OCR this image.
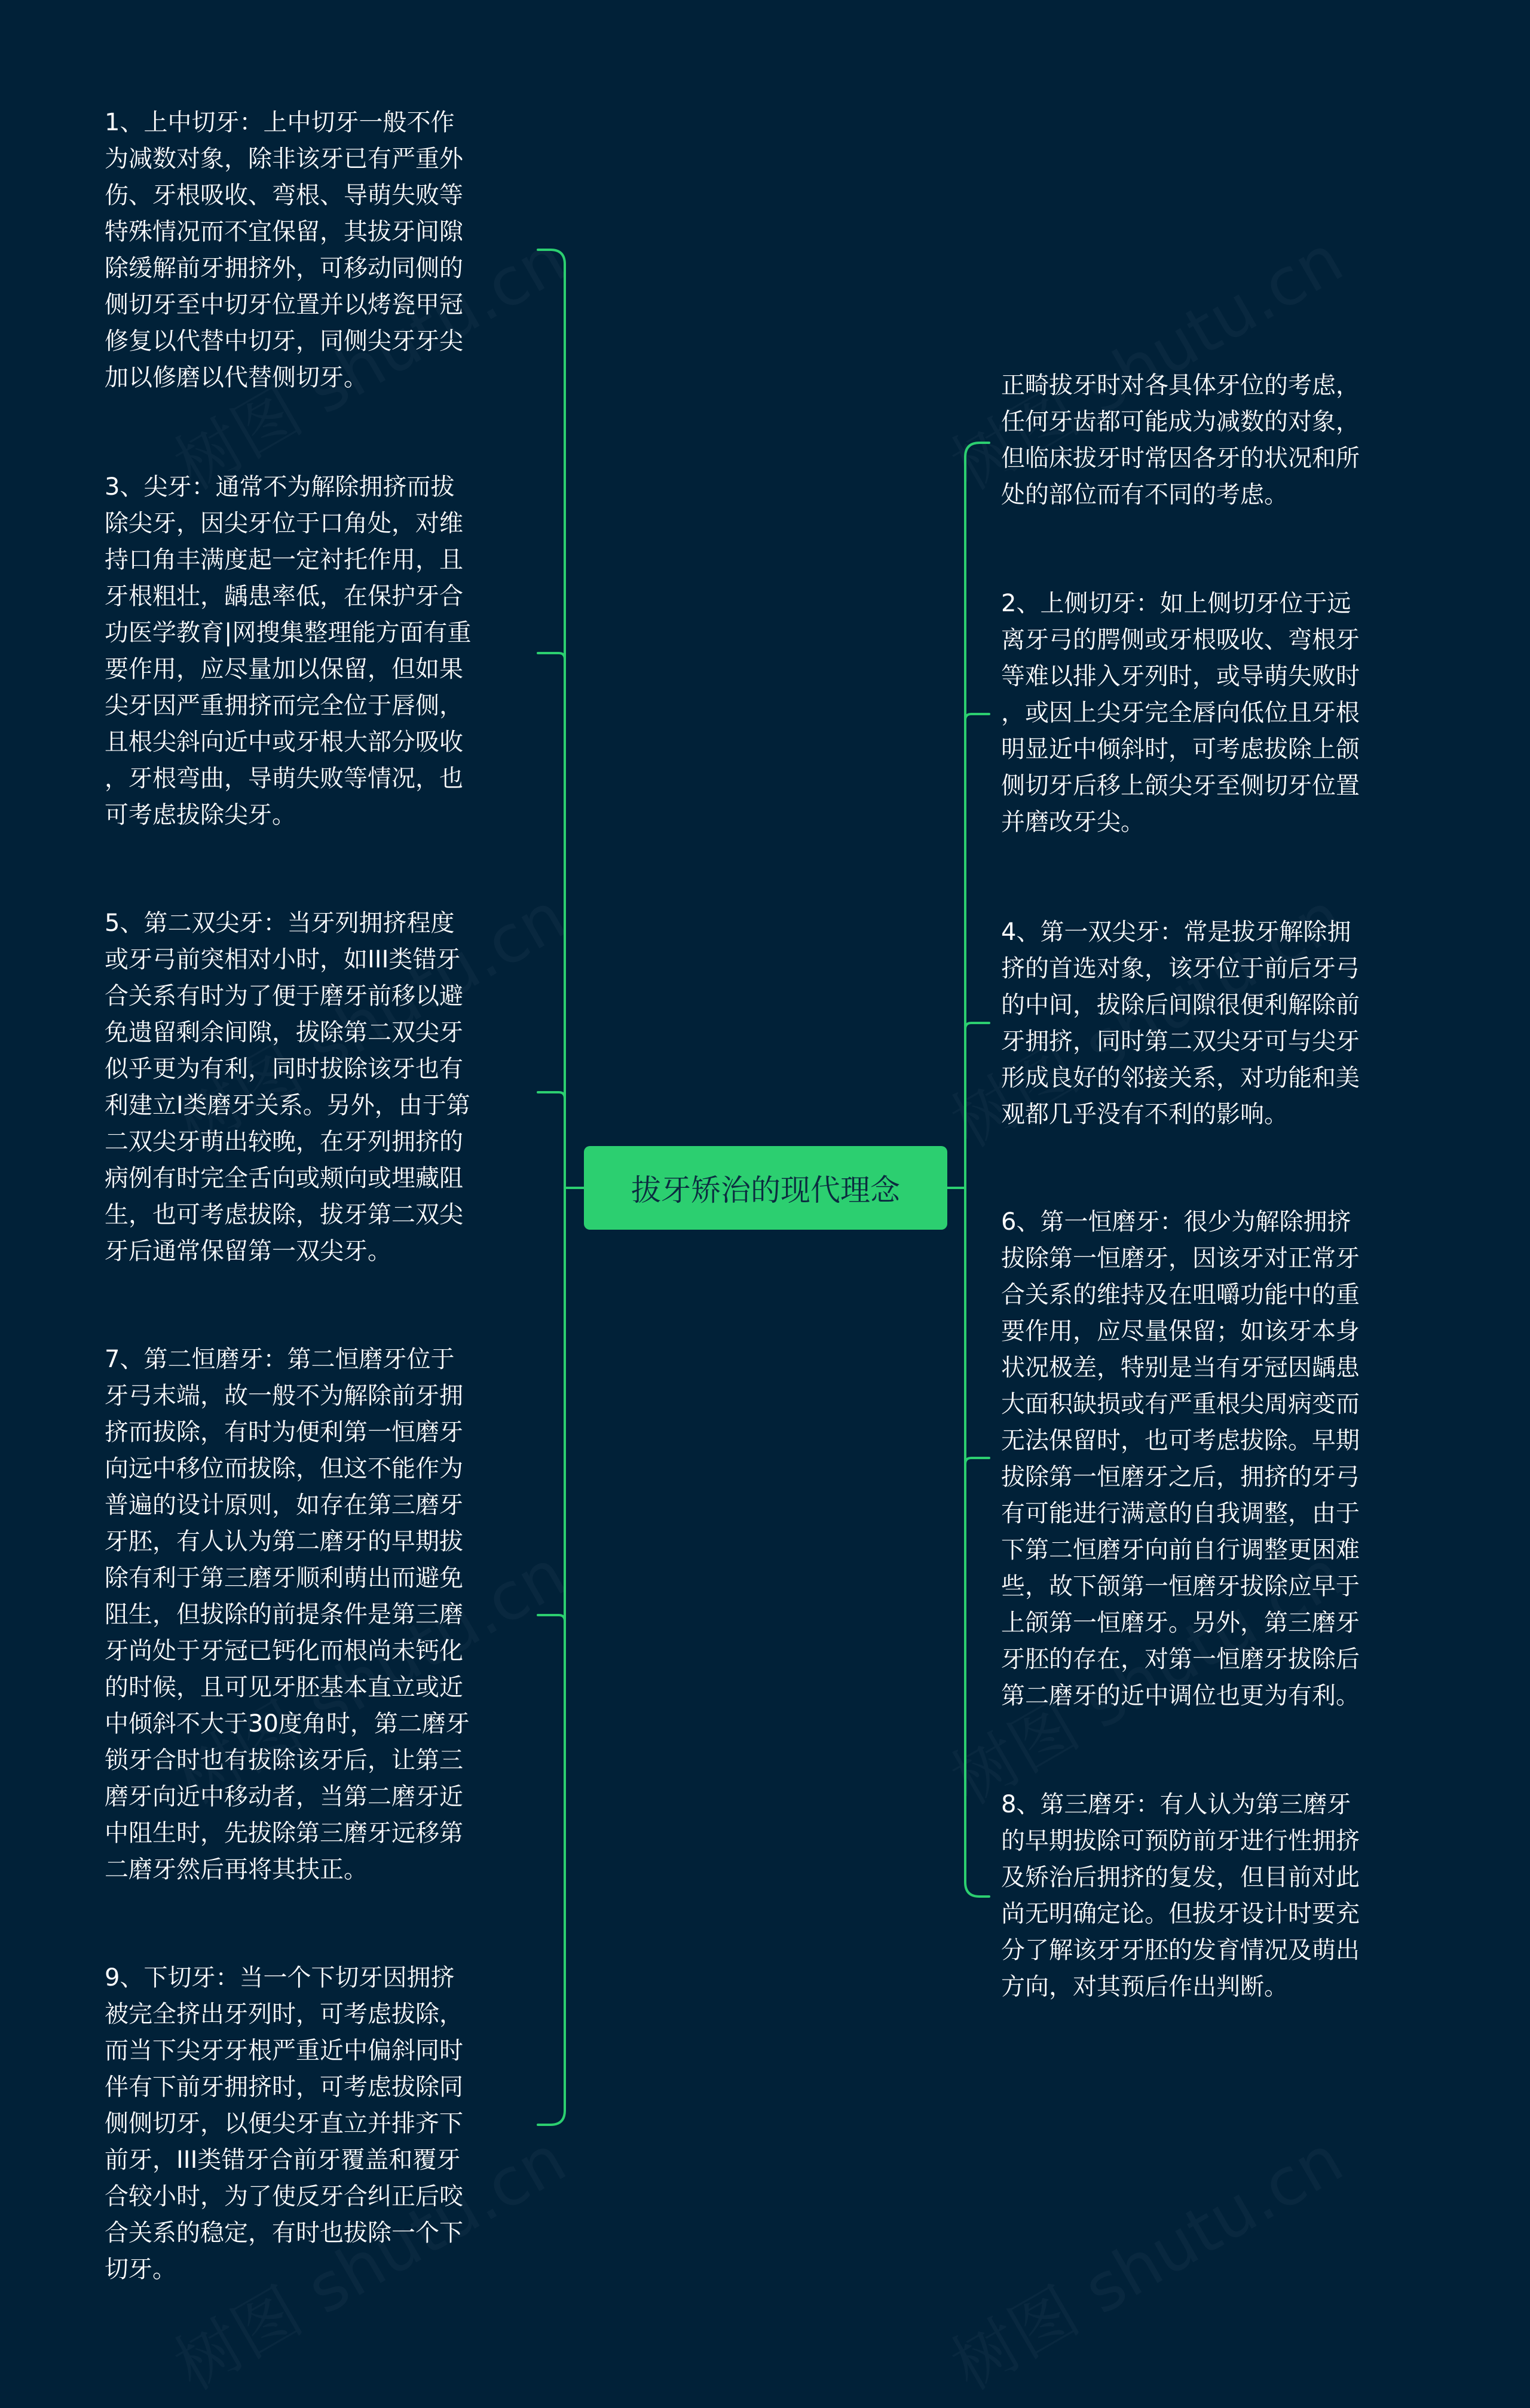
拔牙矫治的现代理念
1、上中切牙：上中切牙一般不作
为减数对象，除非该牙已有严重外
伤、牙根吸收、弯根、导萌失败等
特殊情况而不宜保留，其拔牙间隙
除缓解前牙拥挤外，可移动同侧的
侧切牙至中切牙位置并以烤瓷甲冠
修复以代替中切牙，同侧尖牙牙尖
加以修磨以代替侧切牙。
3、尖牙：通常不为解除拥挤而拔
除尖牙，因尖牙位于口角处，对维
持口角丰满度起一定衬托作用，且
牙根粗壮，龋患率低，在保护牙合
功医学教育|网搜集整理能方面有重
要作用，应尽量加以保留，但如果
尖牙因严重拥挤而完全位于唇侧，
且根尖斜向近中或牙根大部分吸收
，牙根弯曲，导萌失败等情况，也
可考虑拔除尖牙。
5、第二双尖牙：当牙列拥挤程度
或牙弓前突相对小时，如III类错牙
合关系有时为了便于磨牙前移以避
免遗留剩余间隙，拔除第二双尖牙
似乎更为有利，同时拔除该牙也有
利建立I类磨牙关系。另外，由于第
二双尖牙萌出较晚，在牙列拥挤的
病例有时完全舌向或颊向或埋藏阻
生，也可考虑拔除，拔牙第二双尖
牙后通常保留第一双尖牙。
7、第二恒磨牙：第二恒磨牙位于
牙弓末端，故一般不为解除前牙拥
挤而拔除，有时为便利第一恒磨牙
向远中移位而拔除，但这不能作为
普遍的设计原则，如存在第三磨牙
牙胚，有人认为第二磨牙的早期拔
除有利于第三磨牙顺利萌出而避免
阻生，但拔除的前提条件是第三磨
牙尚处于牙冠已钙化而根尚未钙化
的时候，且可见牙胚基本直立或近
中倾斜不大于30度角时，第二磨牙
锁牙合时也有拔除该牙后，让第三
磨牙向近中移动者，当第二磨牙近
中阻生时，先拔除第三磨牙远移第
二磨牙然后再将其扶正。
9、下切牙：当一个下切牙因拥挤
被完全挤出牙列时，可考虑拔除，
而当下尖牙牙根严重近中偏斜同时
伴有下前牙拥挤时，可考虑拔除同
侧侧切牙，以便尖牙直立并排齐下
前牙，III类错牙合前牙覆盖和覆牙
合较小时，为了使反牙合纠正后咬
合关系的稳定，有时也拔除一个下
切牙。
正畸拔牙时对各具体牙位的考虑，
任何牙齿都可能成为减数的对象，
但临床拔牙时常因各牙的状况和所
处的部位而有不同的考虑。
2、上侧切牙：如上侧切牙位于远
离牙弓的腭侧或牙根吸收、弯根牙
等难以排入牙列时，或导萌失败时
，或因上尖牙完全唇向低位且牙根
明显近中倾斜时，可考虑拔除上颌
侧切牙后移上颌尖牙至侧切牙位置
并磨改牙尖。
4、第一双尖牙：常是拔牙解除拥
挤的首选对象，该牙位于前后牙弓
的中间，拔除后间隙很便利解除前
牙拥挤，同时第二双尖牙可与尖牙
形成良好的邻接关系，对功能和美
观都几乎没有不利的影响。
6、第一恒磨牙：很少为解除拥挤
拔除第一恒磨牙，因该牙对正常牙
合关系的维持及在咀嚼功能中的重
要作用，应尽量保留；如该牙本身
状况极差，特别是当有牙冠因龋患
大面积缺损或有严重根尖周病变而
无法保留时，也可考虑拔除。早期
拔除第一恒磨牙之后，拥挤的牙弓
有可能进行满意的自我调整，由于
下第二恒磨牙向前自行调整更困难
些，故下颌第一恒磨牙拔除应早于
上颌第一恒磨牙。另外，第三磨牙
牙胚的存在，对第一恒磨牙拔除后
第二磨牙的近中调位也更为有利。
8、第三磨牙：有人认为第三磨牙
的早期拔除可预防前牙进行性拥挤
及矫治后拥挤的复发，但目前对此
尚无明确定论。但拔牙设计时要充
分了解该牙牙胚的发育情况及萌出
方向，对其预后作出判断。
